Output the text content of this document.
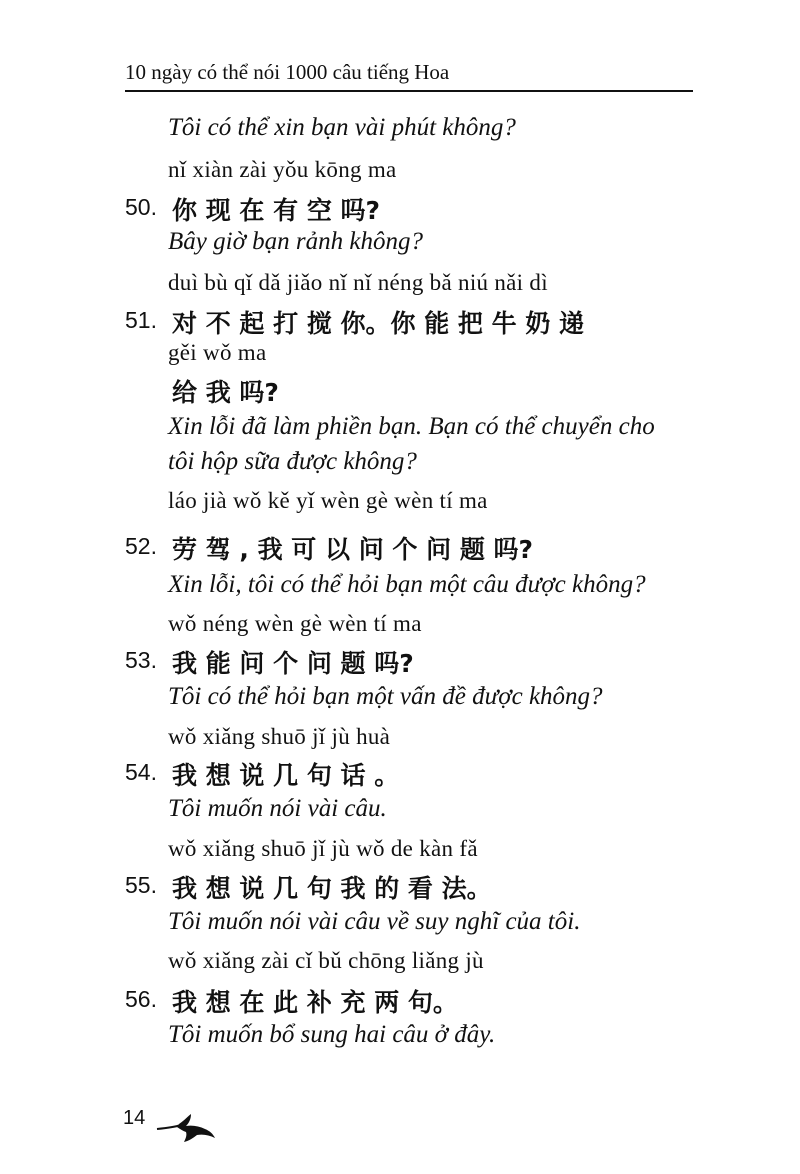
10 ngày có thể nói 1000 câu tiếng Hoa
Tôi có thể xin bạn vài phút không?
nǐ xiàn zài yǒu kōng ma
50. 你 现 在 有 空 吗?
Bây giờ bạn rảnh không?
duì bù qǐ dǎ jiǎo nǐ nǐ néng bǎ niú nǎi dì
51. 对 不 起 打 搅 你。你 能 把 牛 奶 递
gěi wǒ ma
给 我 吗?
Xin lỗi đã làm phiền bạn. Bạn có thể chuyển cho
tôi hộp sữa được không?
láo jià wǒ kě yǐ wèn gè wèn tí ma
52. 劳 驾 , 我 可 以 问 个 问 题 吗?
Xin lỗi, tôi có thể hỏi bạn một câu được không?
wǒ néng wèn gè wèn tí ma
53. 我 能 问 个 问 题 吗?
Tôi có thể hỏi bạn một vấn đề được không?
wǒ xiǎng shuō jǐ jù huà
54. 我 想 说 几 句 话 。
Tôi muốn nói vài câu.
wǒ xiǎng shuō jǐ jù wǒ de kàn fǎ
55. 我 想 说 几 句 我 的 看 法。
Tôi muốn nói vài câu về suy nghĩ của tôi.
wǒ xiǎng zài cǐ bǔ chōng liǎng jù
56. 我 想 在 此 补 充 两 句。
Tôi muốn bổ sung hai câu ở đây.
14
